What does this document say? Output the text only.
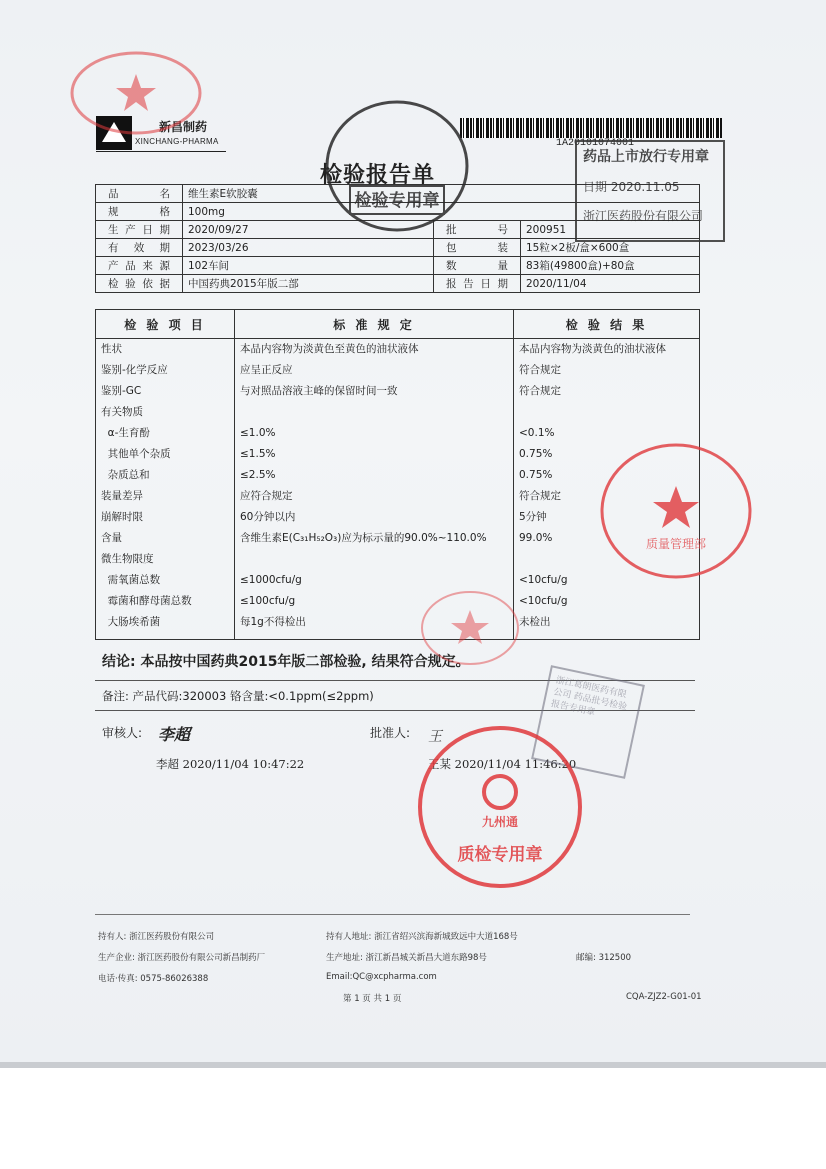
新昌制药
XINCHANG-PHARMA	1A20101074001
检验报告单
品 名	维生素E软胶囊		
规 格	100mg		
生产日期	2020/09/27	批 号	200951
有 效 期	2023/03/26	包 装	15粒×2板/盒×600盒
产品来源	102车间	数 量	83箱(49800盒)+80盒
检验依据	中国药典2015年版二部	报告日期	2020/11/04
检 验 项 目	标 准 规 定	检 验 结 果
性状	本品内容物为淡黄色至黄色的油状液体	本品内容物为淡黄色的油状液体
鉴别-化学反应	应呈正反应	符合规定
鉴别-GC	与对照品溶液主峰的保留时间一致	符合规定
有关物质		
α-生育酚	≤1.0%	<0.1%
其他单个杂质	≤1.5%	0.75%
杂质总和	≤2.5%	0.75%
装量差异	应符合规定	符合规定
崩解时限	60分钟以内	5分钟
含量	含维生素E(C₃₁H₅₂O₃)应为标示量的90.0%~110.0%	99.0%
微生物限度		
需氧菌总数	≤1000cfu/g	<10cfu/g
霉菌和酵母菌总数	≤100cfu/g	<10cfu/g
大肠埃希菌	每1g不得检出	未检出

结论: 本品按中国药典2015年版二部检验, 结果符合规定。
备注: 产品代码:320003 铬含量:<0.1ppm(≤2ppm)
审核人: 李超
李超 2020/11/04 10:47:22
批准人: 王
王某 2020/11/04 11:46:20
持有人: 浙江医药股份有限公司	持有人地址: 浙江省绍兴滨海新城致远中大道168号
生产企业: 浙江医药股份有限公司新昌制药厂	生产地址: 浙江新昌城关新昌大道东路98号	邮编: 312500
电话·传真: 0575-86026388	Email:QC@xcpharma.com
第 1 页 共 1 页	CQA-ZJZ2-G01-01
检验专用章
药品上市放行专用章
日期 2020.11.05
浙江医药股份有限公司
质量管理部
浙江葛朗医药有限公司 药品批号检验报告专用章
九州通
质检专用章
